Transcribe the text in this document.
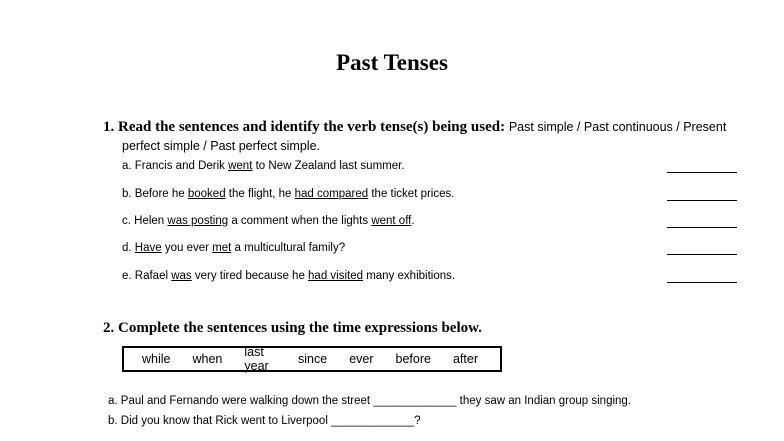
Past Tenses
1. Read the sentences and identify the verb tense(s) being used: Past simple / Past continuous / Present
perfect simple / Past perfect simple.
a. Francis and Derik went to New Zealand last summer.
b. Before he booked the flight, he had compared the ticket prices.
c. Helen was posting a comment when the lights went off.
d. Have you ever met a multicultural family?
e. Rafael was very tired because he had visited many exhibitions.
2. Complete the sentences using the time expressions below.
while when last year	since ever before after
a. Paul and Fernando were walking down the street _____________ they saw an Indian group singing.
b. Did you know that Rick went to Liverpool _____________?
